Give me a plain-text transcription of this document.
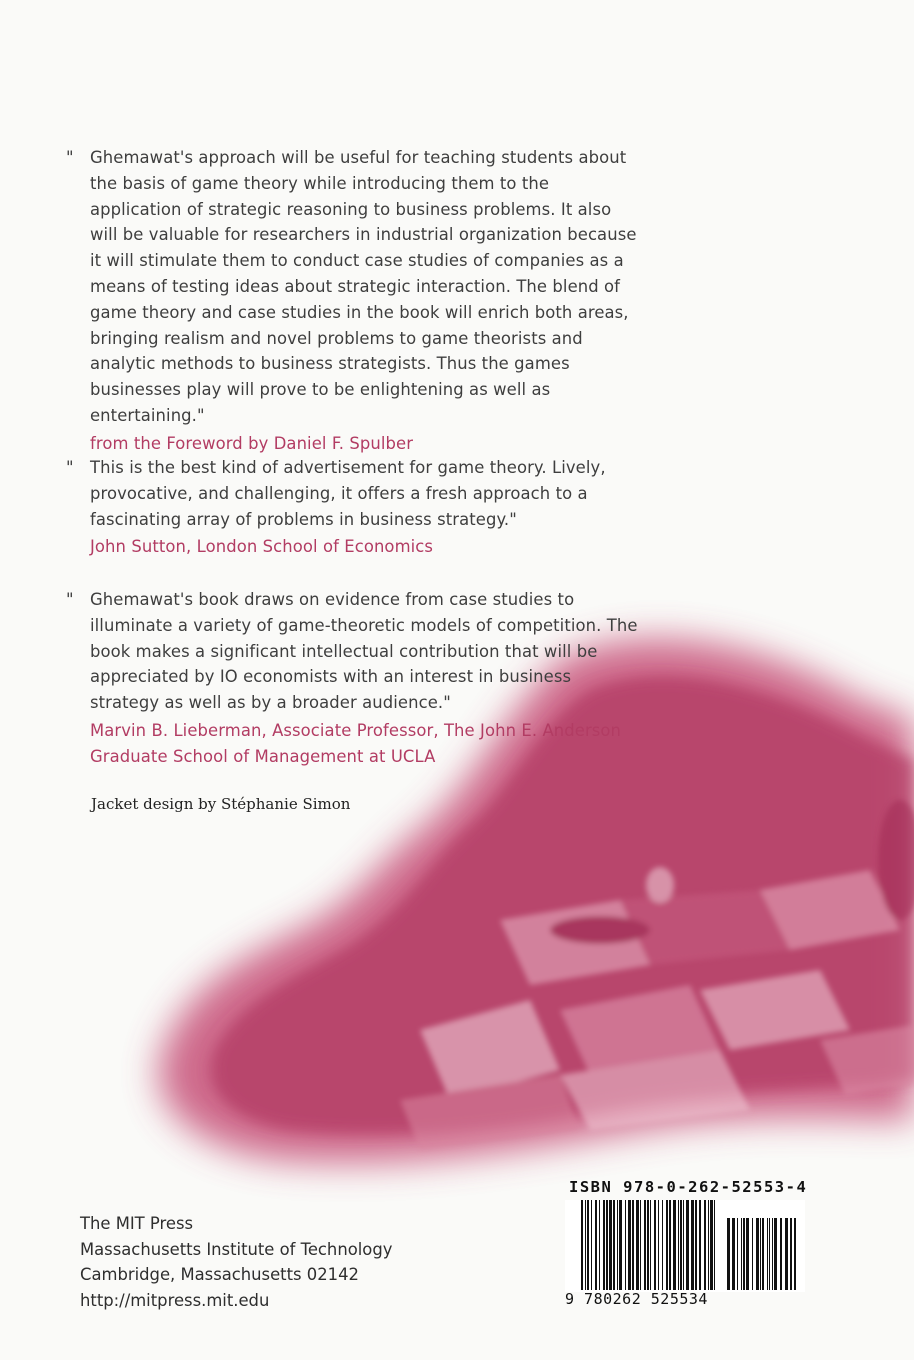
" Ghemawat's approach will be useful for teaching students about the basis of game theory while introducing them to the application of strategic reasoning to business problems. It also will be valuable for researchers in industrial organization because it will stimulate them to conduct case studies of companies as a means of testing ideas about strategic interaction. The blend of game theory and case studies in the book will enrich both areas, bringing realism and novel problems to game theorists and analytic methods to business strategists. Thus the games businesses play will prove to be enlightening as well as entertaining."
from the Foreword by Daniel F. Spulber
" This is the best kind of advertisement for game theory. Lively, provocative, and challenging, it offers a fresh approach to a fascinating array of problems in business strategy."
John Sutton, London School of Economics
" Ghemawat's book draws on evidence from case studies to illuminate a variety of game-theoretic models of competition. The book makes a significant intellectual contribution that will be appreciated by IO economists with an interest in business strategy as well as by a broader audience."
Marvin B. Lieberman, Associate Professor, The John E. Anderson
Graduate School of Management at UCLA
Jacket design by Stéphanie Simon
The MIT Press
Massachusetts Institute of Technology
Cambridge, Massachusetts 02142
http://mitpress.mit.edu
ISBN 978-0-262-52553-4
9 780262 525534
